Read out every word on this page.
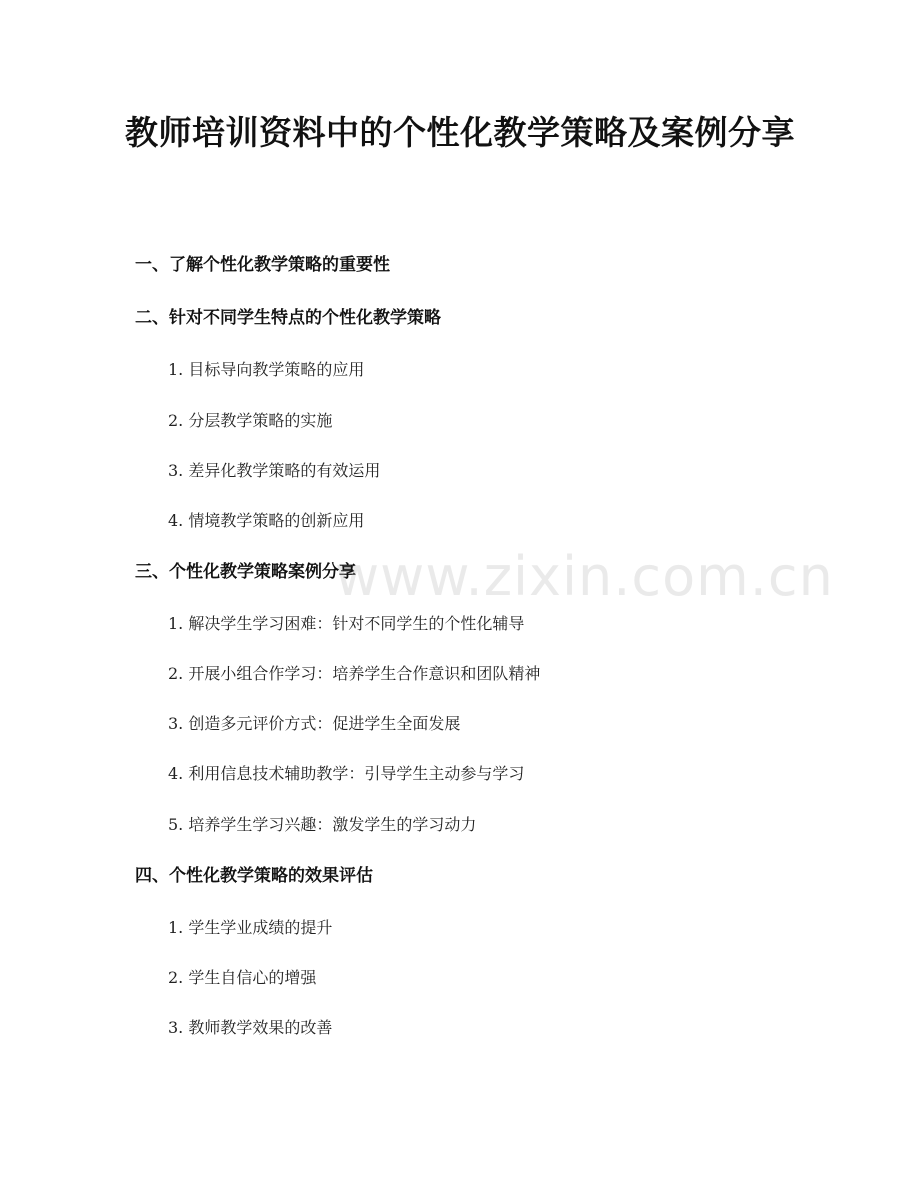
教师培训资料中的个性化教学策略及案例分享
一、了解个性化教学策略的重要性
二、针对不同学生特点的个性化教学策略
1. 目标导向教学策略的应用
2. 分层教学策略的实施
3. 差异化教学策略的有效运用
4. 情境教学策略的创新应用
三、个性化教学策略案例分享
1. 解决学生学习困难：针对不同学生的个性化辅导
2. 开展小组合作学习：培养学生合作意识和团队精神
3. 创造多元评价方式：促进学生全面发展
4. 利用信息技术辅助教学：引导学生主动参与学习
5. 培养学生学习兴趣：激发学生的学习动力
四、个性化教学策略的效果评估
1. 学生学业成绩的提升
2. 学生自信心的增强
3. 教师教学效果的改善
www.zixin.com.cn
